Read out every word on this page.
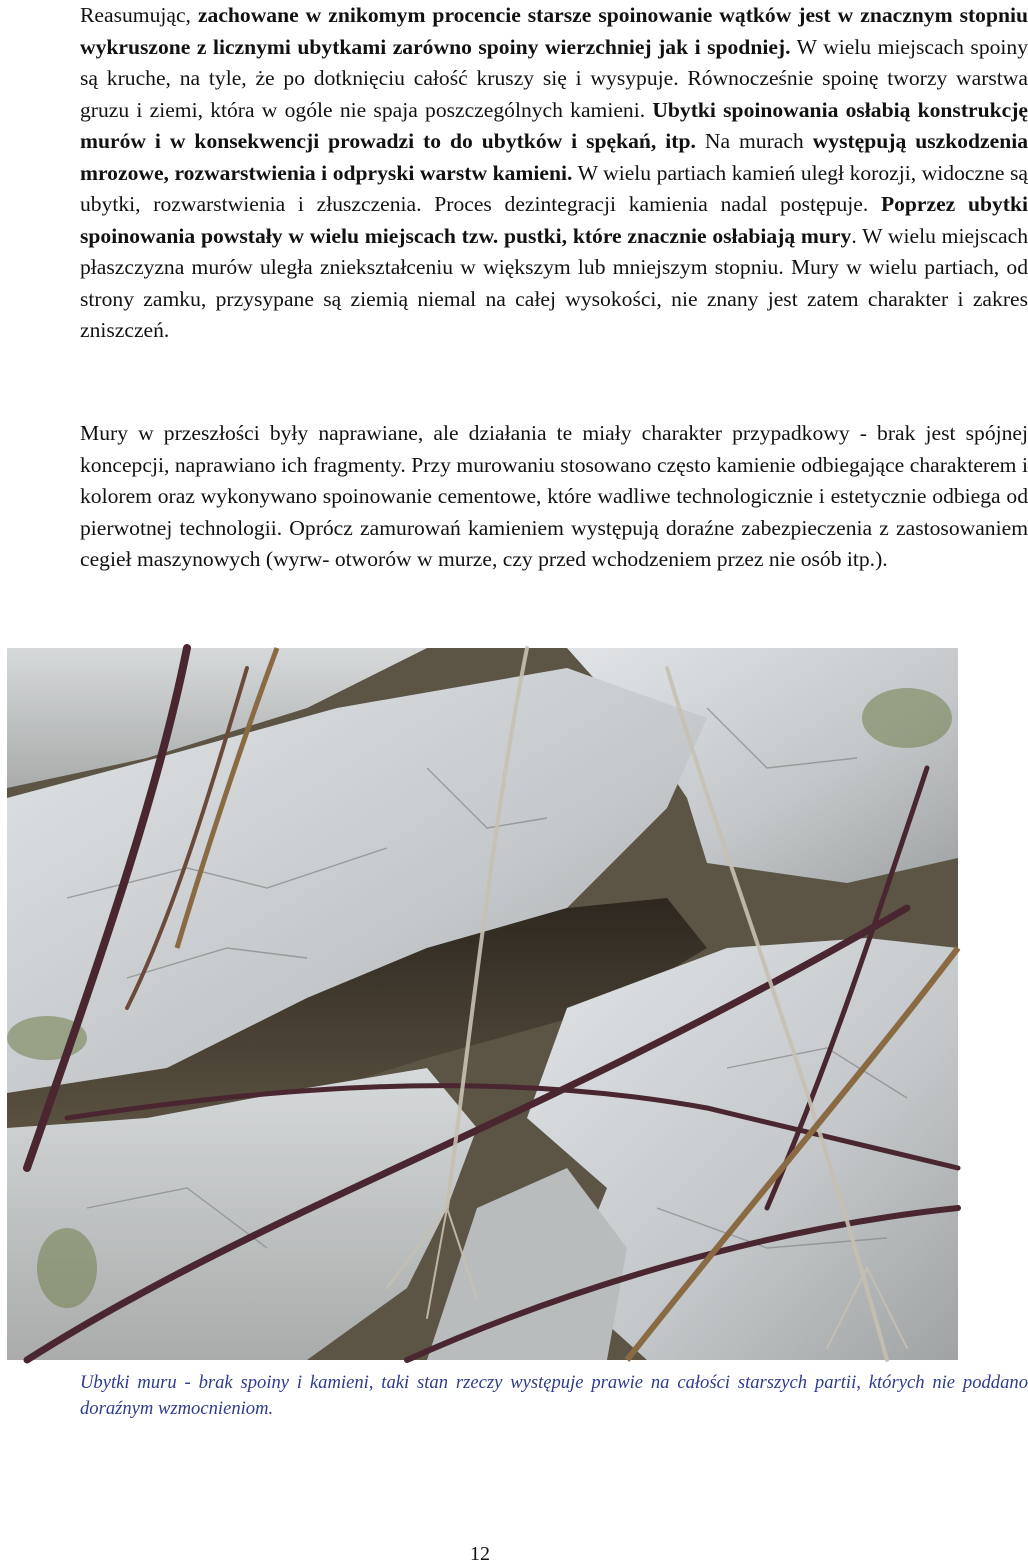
Reasumując, zachowane w znikomym procencie starsze spoinowanie wątków jest w znacznym stopniu wykruszone z licznymi ubytkami zarówno spoiny wierzchniej jak i spodniej. W wielu miejscach spoiny są kruche, na tyle, że po dotknięciu całość kruszy się i wysypuje. Równocześnie spoinę tworzy warstwa gruzu i ziemi, która w ogóle nie spaja poszczególnych kamieni. Ubytki spoinowania osłabią konstrukcję murów i w konsekwencji prowadzi to do ubytków i spękań, itp. Na murach występują uszkodzenia mrozowe, rozwarstwienia i odpryski warstw kamieni. W wielu partiach kamień uległ korozji, widoczne są ubytki, rozwarstwienia i złuszczenia. Proces dezintegracji kamienia nadal postępuje. Poprzez ubytki spoinowania powstały w wielu miejscach tzw. pustki, które znacznie osłabiają mury. W wielu miejscach płaszczyzna murów uległa zniekształceniu w większym lub mniejszym stopniu. Mury w wielu partiach, od strony zamku, przysypane są ziemią niemal na całej wysokości, nie znany jest zatem charakter i zakres zniszczeń.

Mury w przeszłości były naprawiane, ale działania te miały charakter przypadkowy - brak jest spójnej koncepcji, naprawiano ich fragmenty. Przy murowaniu stosowano często kamienie odbiegające charakterem i kolorem oraz wykonywano spoinowanie cementowe, które wadliwe technologicznie i estetycznie odbiega od pierwotnej technologii. Oprócz zamurowań kamieniem występują doraźne zabezpieczenia z zastosowaniem cegieł maszynowych (wyrw- otworów w murze, czy przed wchodzeniem przez nie osób itp.).

Ubytki muru - brak spoiny i kamieni, taki stan rzeczy występuje prawie na całości starszych partii, których nie poddano doraźnym wzmocnieniom.

12
